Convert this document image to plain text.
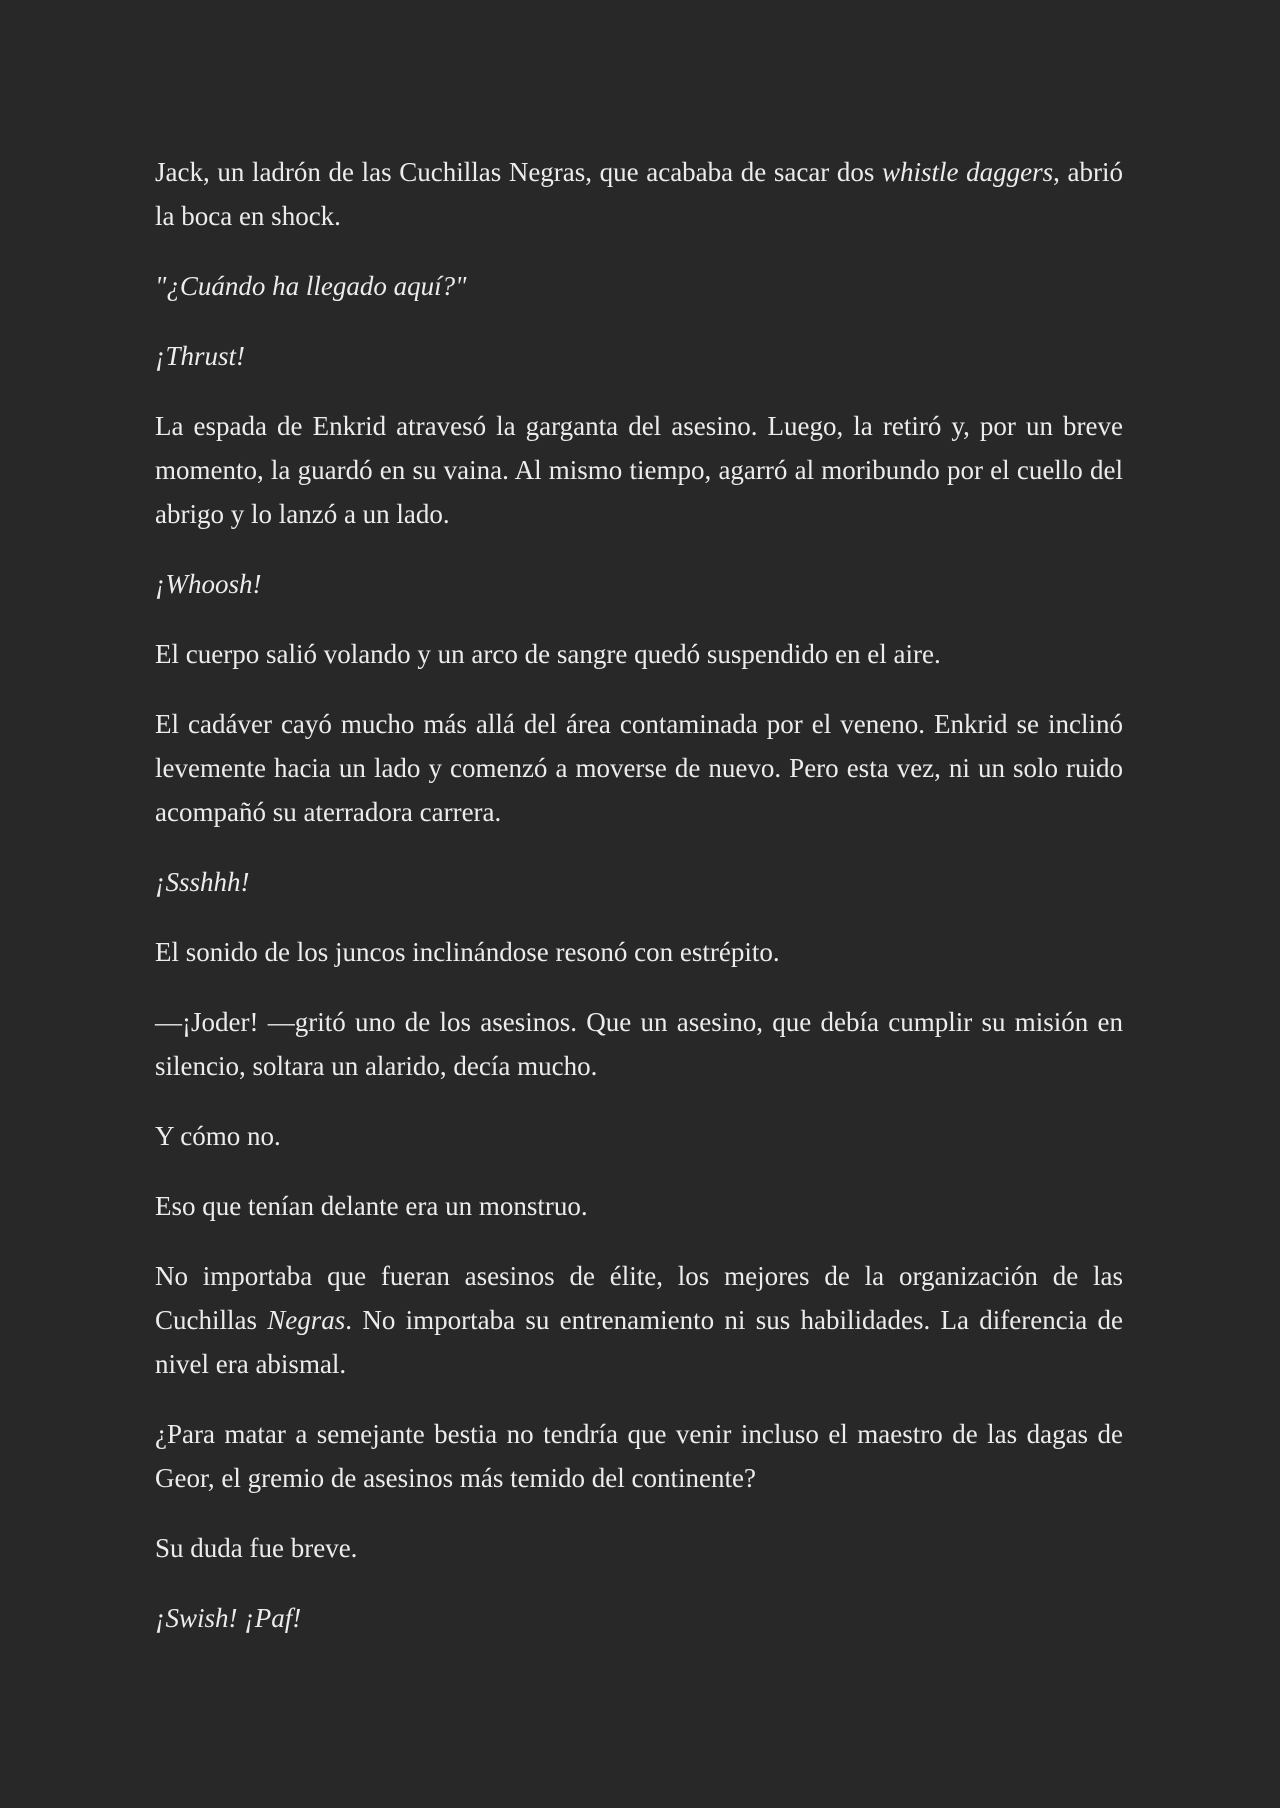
Jack, un ladrón de las Cuchillas Negras, que acababa de sacar dos whistle daggers, abrió la boca en shock.

"¿Cuándo ha llegado aquí?"

¡Thrust!

La espada de Enkrid atravesó la garganta del asesino. Luego, la retiró y, por un breve momento, la guardó en su vaina. Al mismo tiempo, agarró al moribundo por el cuello del abrigo y lo lanzó a un lado.

¡Whoosh!

El cuerpo salió volando y un arco de sangre quedó suspendido en el aire.

El cadáver cayó mucho más allá del área contaminada por el veneno. Enkrid se inclinó levemente hacia un lado y comenzó a moverse de nuevo. Pero esta vez, ni un solo ruido acompañó su aterradora carrera.

¡Ssshhh!

El sonido de los juncos inclinándose resonó con estrépito.

—¡Joder! —gritó uno de los asesinos. Que un asesino, que debía cumplir su misión en silencio, soltara un alarido, decía mucho.

Y cómo no.

Eso que tenían delante era un monstruo.

No importaba que fueran asesinos de élite, los mejores de la organización de las Cuchillas Negras. No importaba su entrenamiento ni sus habilidades. La diferencia de nivel era abismal.

¿Para matar a semejante bestia no tendría que venir incluso el maestro de las dagas de Geor, el gremio de asesinos más temido del continente?

Su duda fue breve.

¡Swish! ¡Paf!
